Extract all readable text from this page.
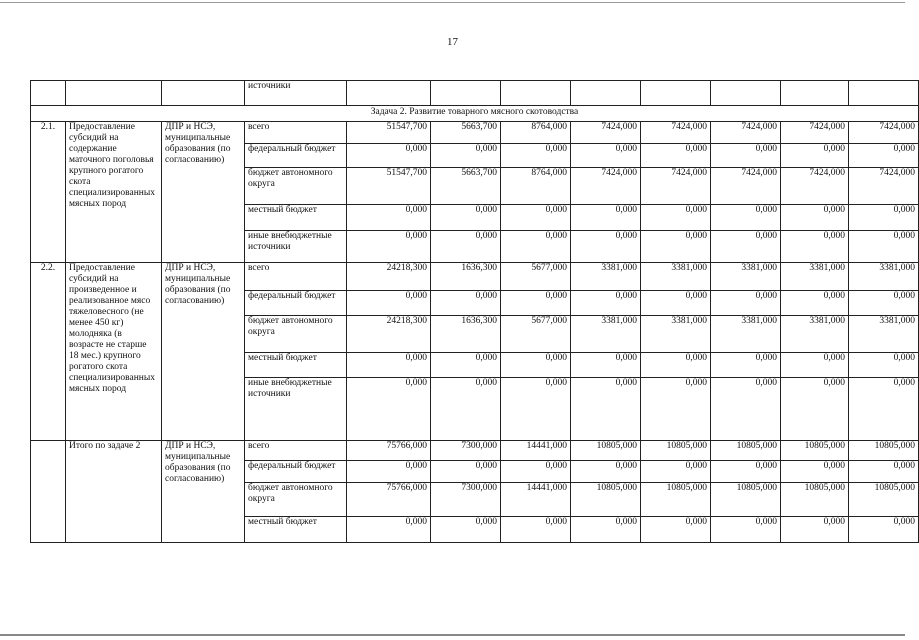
17
			источники								
Задача 2. Развитие товарного мясного скотоводства											
2.1.	Предоставление субсидий на содержание маточного поголовья крупного рогатого скота специализированных мясных пород	ДПР и НСЭ, муниципальные образования (по согласованию)	всего	51547,700	5663,700	8764,000	7424,000	7424,000	7424,000	7424,000	7424,000
			федеральный бюджет	0,000	0,000	0,000	0,000	0,000	0,000	0,000	0,000
			бюджет автономного округа	51547,700	5663,700	8764,000	7424,000	7424,000	7424,000	7424,000	7424,000
			местный бюджет	0,000	0,000	0,000	0,000	0,000	0,000	0,000	0,000
			иные внебюджетные источники	0,000	0,000	0,000	0,000	0,000	0,000	0,000	0,000
2.2.	Предоставление субсидий на произведенное и реализованное мясо тяжеловесного (не менее 450 кг) молодняка (в возрасте не старше 18 мес.) крупного рогатого скота специализированных мясных пород	ДПР и НСЭ, муниципальные образования (по согласованию)	всего	24218,300	1636,300	5677,000	3381,000	3381,000	3381,000	3381,000	3381,000
			федеральный бюджет	0,000	0,000	0,000	0,000	0,000	0,000	0,000	0,000
			бюджет автономного округа	24218,300	1636,300	5677,000	3381,000	3381,000	3381,000	3381,000	3381,000
			местный бюджет	0,000	0,000	0,000	0,000	0,000	0,000	0,000	0,000
			иные внебюджетные источники	0,000	0,000	0,000	0,000	0,000	0,000	0,000	0,000
	Итого по задаче 2	ДПР и НСЭ, муниципальные образования (по согласованию)	всего	75766,000	7300,000	14441,000	10805,000	10805,000	10805,000	10805,000	10805,000
			федеральный бюджет	0,000	0,000	0,000	0,000	0,000	0,000	0,000	0,000
			бюджет автономного округа	75766,000	7300,000	14441,000	10805,000	10805,000	10805,000	10805,000	10805,000
			местный бюджет	0,000	0,000	0,000	0,000	0,000	0,000	0,000	0,000
